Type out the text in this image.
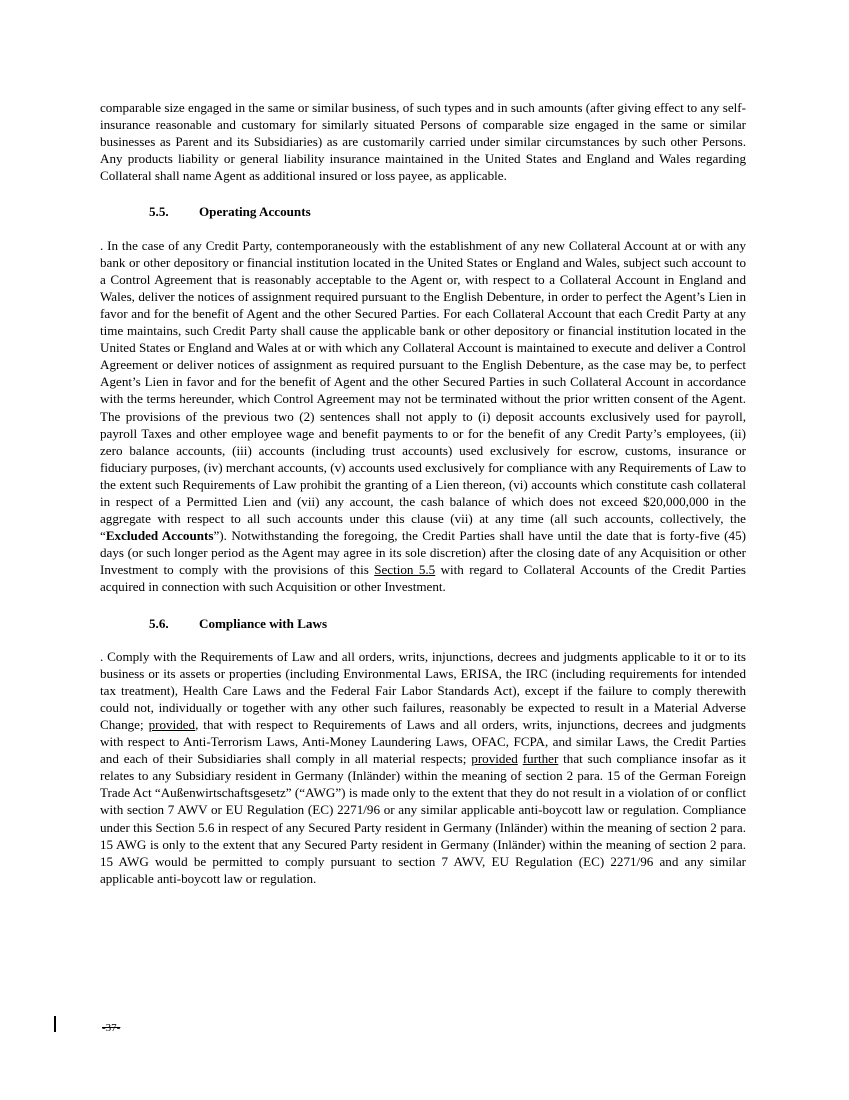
comparable size engaged in the same or similar business, of such types and in such amounts (after giving effect to any self-insurance reasonable and customary for similarly situated Persons of comparable size engaged in the same or similar businesses as Parent and its Subsidiaries) as are customarily carried under similar circumstances by such other Persons. Any products liability or general liability insurance maintained in the United States and England and Wales regarding Collateral shall name Agent as additional insured or loss payee, as applicable.

5.5. Operating Accounts

. In the case of any Credit Party, contemporaneously with the establishment of any new Collateral Account at or with any bank or other depository or financial institution located in the United States or England and Wales, subject such account to a Control Agreement that is reasonably acceptable to the Agent or, with respect to a Collateral Account in England and Wales, deliver the notices of assignment required pursuant to the English Debenture, in order to perfect the Agent’s Lien in favor and for the benefit of Agent and the other Secured Parties. For each Collateral Account that each Credit Party at any time maintains, such Credit Party shall cause the applicable bank or other depository or financial institution located in the United States or England and Wales at or with which any Collateral Account is maintained to execute and deliver a Control Agreement or deliver notices of assignment as required pursuant to the English Debenture, as the case may be, to perfect Agent’s Lien in favor and for the benefit of Agent and the other Secured Parties in such Collateral Account in accordance with the terms hereunder, which Control Agreement may not be terminated without the prior written consent of the Agent. The provisions of the previous two (2) sentences shall not apply to (i) deposit accounts exclusively used for payroll, payroll Taxes and other employee wage and benefit payments to or for the benefit of any Credit Party’s employees, (ii) zero balance accounts, (iii) accounts (including trust accounts) used exclusively for escrow, customs, insurance or fiduciary purposes, (iv) merchant accounts, (v) accounts used exclusively for compliance with any Requirements of Law to the extent such Requirements of Law prohibit the granting of a Lien thereon, (vi) accounts which constitute cash collateral in respect of a Permitted Lien and (vii) any account, the cash balance of which does not exceed $20,000,000 in the aggregate with respect to all such accounts under this clause (vii) at any time (all such accounts, collectively, the “Excluded Accounts”). Notwithstanding the foregoing, the Credit Parties shall have until the date that is forty-five (45) days (or such longer period as the Agent may agree in its sole discretion) after the closing date of any Acquisition or other Investment to comply with the provisions of this Section 5.5 with regard to Collateral Accounts of the Credit Parties acquired in connection with such Acquisition or other Investment.

5.6. Compliance with Laws

. Comply with the Requirements of Law and all orders, writs, injunctions, decrees and judgments applicable to it or to its business or its assets or properties (including Environmental Laws, ERISA, the IRC (including requirements for intended tax treatment), Health Care Laws and the Federal Fair Labor Standards Act), except if the failure to comply therewith could not, individually or together with any other such failures, reasonably be expected to result in a Material Adverse Change; provided, that with respect to Requirements of Laws and all orders, writs, injunctions, decrees and judgments with respect to Anti-Terrorism Laws, Anti-Money Laundering Laws, OFAC, FCPA, and similar Laws, the Credit Parties and each of their Subsidiaries shall comply in all material respects; provided further that such compliance insofar as it relates to any Subsidiary resident in Germany (Inländer) within the meaning of section 2 para. 15 of the German Foreign Trade Act “Außenwirtschaftsgesetz” (“AWG”) is made only to the extent that they do not result in a violation of or conflict with section 7 AWV or EU Regulation (EC) 2271/96 or any similar applicable anti-boycott law or regulation. Compliance under this Section 5.6 in respect of any Secured Party resident in Germany (Inländer) within the meaning of section 2 para. 15 AWG is only to the extent that any Secured Party resident in Germany (Inländer) within the meaning of section 2 para. 15 AWG would be permitted to comply pursuant to section 7 AWV, EU Regulation (EC) 2271/96 and any similar applicable anti-boycott law or regulation.

-37-
